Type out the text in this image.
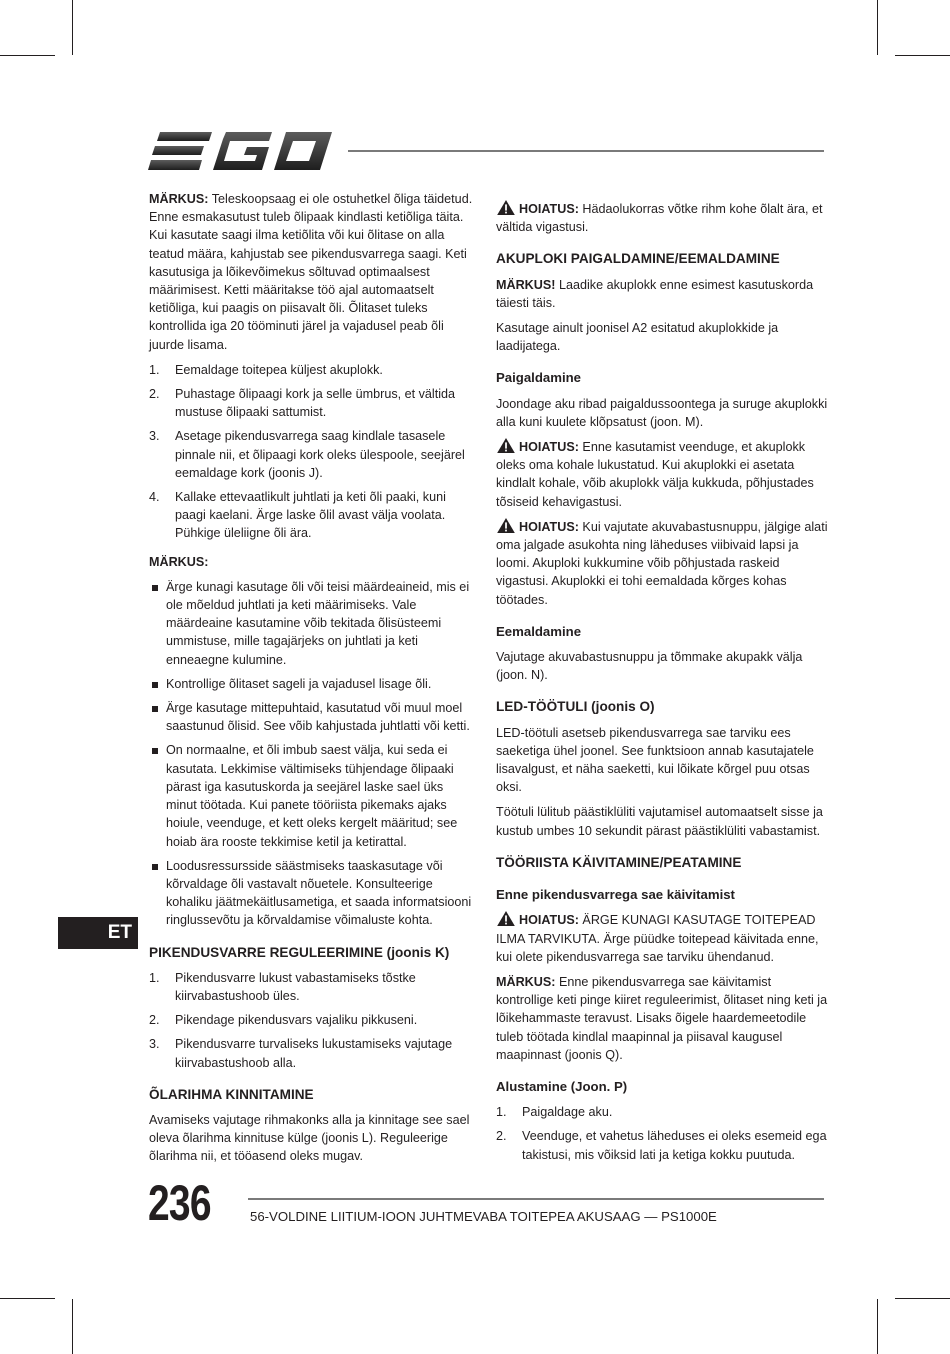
MÄRKUS: Teleskoopsaag ei ole ostuhetkel õliga täidetud. Enne esmakasutust tuleb õlipaak kindlasti ketiõliga täita. Kui kasutate saagi ilma ketiõlita või kui õlitase on alla teatud määra, kahjustab see pikendusvarrega saagi. Keti kasutusiga ja lõikevõimekus sõltuvad optimaalsest määrimisest. Ketti määritakse töö ajal automaatselt ketiõliga, kui paagis on piisavalt õli. Õlitaset tuleks kontrollida iga 20 tööminuti järel ja vajadusel peab õli juurde lisama.

1. Eemaldage toitepea küljest akuplokk.
2. Puhastage õlipaagi kork ja selle ümbrus, et vältida mustuse õlipaaki sattumist.
3. Asetage pikendusvarrega saag kindlale tasasele pinnale nii, et õlipaagi kork oleks ülespoole, seejärel eemaldage kork (joonis J).
4. Kallake ettevaatlikult juhtlati ja keti õli paaki, kuni paagi kaelani. Ärge laske õlil avast välja voolata. Pühkige üleliigne õli ära.
MÄRKUS:
Ärge kunagi kasutage õli või teisi määrdeaineid, mis ei ole mõeldud juhtlati ja keti määrimiseks. Vale määrdeaine kasutamine võib tekitada õlisüsteemi ummistuse, mille tagajärjeks on juhtlati ja keti enneaegne kulumine.
Kontrollige õlitaset sageli ja vajadusel lisage õli.
Ärge kasutage mittepuhtaid, kasutatud või muul moel saastunud õlisid. See võib kahjustada juhtlatti või ketti.
On normaalne, et õli imbub saest välja, kui seda ei kasutata. Lekkimise vältimiseks tühjendage õlipaaki pärast iga kasutuskorda ja seejärel laske sael üks minut töötada. Kui panete tööriista pikemaks ajaks hoiule, veenduge, et kett oleks kergelt määritud; see hoiab ära rooste tekkimise ketil ja ketirattal.
Loodusressursside säästmiseks taaskasutage või kõrvaldage õli vastavalt nõuetele. Konsulteerige kohaliku jäätmekäitlusametiga, et saada informatsiooni ringlussevõtu ja kõrvaldamise võimaluste kohta.
PIKENDUSVARRE REGULEERIMINE (joonis K)
1. Pikendusvarre lukust vabastamiseks tõstke kiirvabastushoob üles.
2. Pikendage pikendusvars vajaliku pikkuseni.
3. Pikendusvarre turvaliseks lukustamiseks vajutage kiirvabastushoob alla.
ÕLARIHMA KINNITAMINE

Avamiseks vajutage rihmakonks alla ja kinnitage see sael oleva õlarihma kinnituse külge (joonis L). Reguleerige õlarihma nii, et tööasend oleks mugav.

HOIATUS: Hädaolukorras võtke rihm kohe õlalt ära, et vältida vigastusi.

AKUPLOKI PAIGALDAMINE/EEMALDAMINE

MÄRKUS! Laadike akuplokk enne esimest kasutuskorda täiesti täis.

Kasutage ainult joonisel A2 esitatud akuplokkide ja laadijatega.

Paigaldamine

Joondage aku ribad paigaldussoontega ja suruge akuplokki alla kuni kuulete klõpsatust (joon. M).

HOIATUS: Enne kasutamist veenduge, et akuplokk oleks oma kohale lukustatud. Kui akuplokki ei asetata kindlalt kohale, võib akuplokk välja kukkuda, põhjustades tõsiseid kehavigastusi.

HOIATUS: Kui vajutate akuvabastusnuppu, jälgige alati oma jalgade asukohta ning läheduses viibivaid lapsi ja loomi. Akuploki kukkumine võib põhjustada raskeid vigastusi. Akuplokki ei tohi eemaldada kõrges kohas töötades.

Eemaldamine

Vajutage akuvabastusnuppu ja tõmmake akupakk välja (joon. N).

LED-TÖÖTULI (joonis O)

LED-töötuli asetseb pikendusvarrega sae tarviku ees saeketiga ühel joonel. See funktsioon annab kasutajatele lisavalgust, et näha saeketti, kui lõikate kõrgel puu otsas oksi.

Töötuli lülitub päästiklüliti vajutamisel automaatselt sisse ja kustub umbes 10 sekundit pärast päästiklüliti vabastamist.

TÖÖRIISTA KÄIVITAMINE/PEATAMINE
Enne pikendusvarrega sae käivitamist

HOIATUS: ÄRGE KUNAGI KASUTAGE TOITEPEAD ILMA TARVIKUTA. Ärge püüdke toitepead käivitada enne, kui olete pikendusvarrega sae tarviku ühendanud.

MÄRKUS: Enne pikendusvarrega sae käivitamist kontrollige keti pinge kiiret reguleerimist, õlitaset ning keti ja lõikehammaste teravust. Lisaks õigele haardemeetodile tuleb töötada kindlal maapinnal ja piisaval kaugusel maapinnast (joonis Q).

Alustamine (Joon. P)
1. Paigaldage aku.
2. Veenduge, et vahetus läheduses ei oleks esemeid ega takistusi, mis võiksid lati ja ketiga kokku puutuda.
ET
236	56-VOLDINE LIITIUM-IOON JUHTMEVABA TOITEPEA AKUSAAG — PS1000E
